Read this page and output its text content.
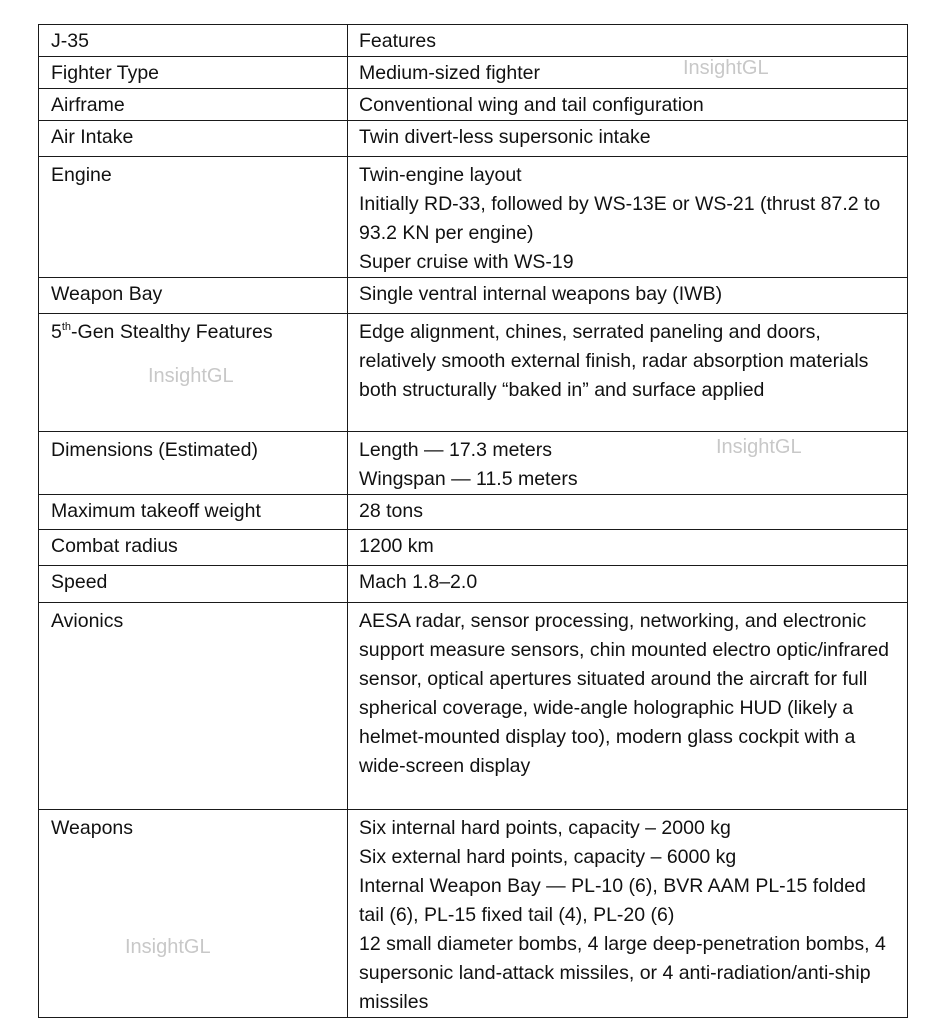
J-35	Features
Fighter Type	Medium-sized fighter

Airframe	Conventional wing and tail configuration

Air Intake	Twin divert-less supersonic intake

Engine	Twin-engine layout
Initially RD-33, followed by WS-13E or WS-21 (thrust 87.2 to 93.2 KN per engine)
Super cruise with WS-19

Weapon Bay	Single ventral internal weapons bay (IWB)

5th-Gen Stealthy Features	Edge alignment, chines, serrated paneling and doors, relatively smooth external finish, radar absorption materials both structurally “baked in” and surface applied

Dimensions (Estimated)	Length — 17.3 meters
Wingspan — 11.5 meters

Maximum takeoff weight	28 tons

Combat radius	1200 km

Speed	Mach 1.8–2.0

Avionics	AESA radar, sensor processing, networking, and electronic support measure sensors, chin mounted electro optic/infrared sensor, optical apertures situated around the aircraft for full spherical coverage, wide-angle holographic HUD (likely a helmet-mounted display too), modern glass cockpit with a wide-screen display

Weapons	Six internal hard points, capacity – 2000 kg
Six external hard points, capacity – 6000 kg
Internal Weapon Bay — PL-10 (6), BVR AAM PL-15 folded tail (6), PL-15 fixed tail (4), PL-20 (6)
12 small diameter bombs, 4 large deep-penetration bombs, 4 supersonic land-attack missiles, or 4 anti-radiation/anti-ship missiles
InsightGL
InsightGL
InsightGL
InsightGL
